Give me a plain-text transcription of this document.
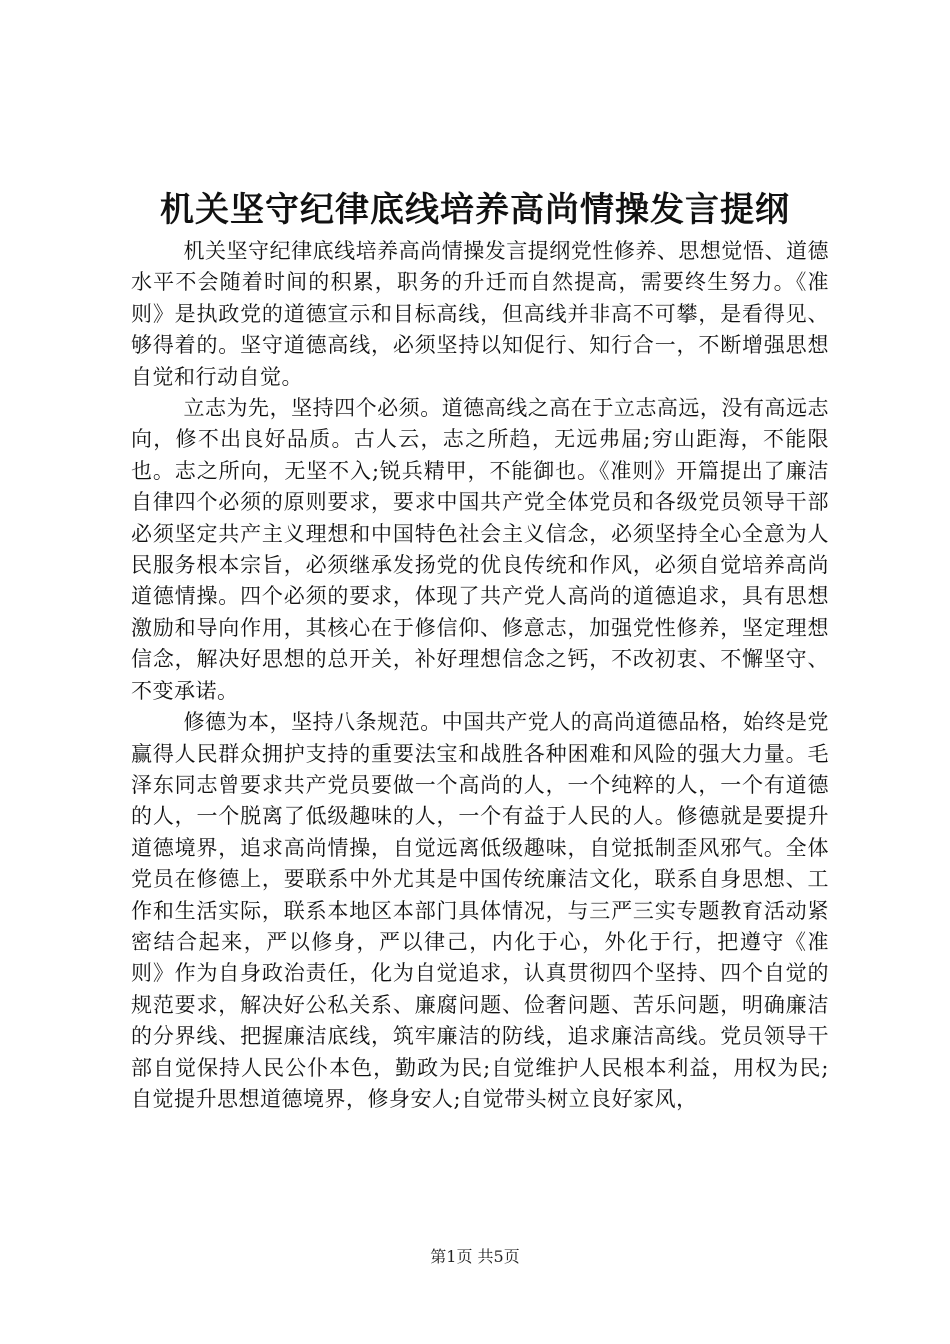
机关坚守纪律底线培养高尚情操发言提纲

机关坚守纪律底线培养高尚情操发言提纲党性修养、思想觉悟、道德水平不会随着时间的积累，职务的升迁而自然提高，需要终生努力。《准则》是执政党的道德宣示和目标高线，但高线并非高不可攀，是看得见、够得着的。坚守道德高线，必须坚持以知促行、知行合一，不断增强思想自觉和行动自觉。

立志为先，坚持四个必须。道德高线之高在于立志高远，没有高远志向，修不出良好品质。古人云，志之所趋，无远弗届;穷山距海，不能限也。志之所向，无坚不入;锐兵精甲，不能御也。《准则》开篇提出了廉洁自律四个必须的原则要求，要求中国共产党全体党员和各级党员领导干部必须坚定共产主义理想和中国特色社会主义信念，必须坚持全心全意为人民服务根本宗旨，必须继承发扬党的优良传统和作风，必须自觉培养高尚道德情操。四个必须的要求，体现了共产党人高尚的道德追求，具有思想激励和导向作用，其核心在于修信仰、修意志，加强党性修养，坚定理想信念，解决好思想的总开关，补好理想信念之钙，不改初衷、不懈坚守、不变承诺。

修德为本，坚持八条规范。中国共产党人的高尚道德品格，始终是党赢得人民群众拥护支持的重要法宝和战胜各种困难和风险的强大力量。毛泽东同志曾要求共产党员要做一个高尚的人，一个纯粹的人，一个有道德的人，一个脱离了低级趣味的人，一个有益于人民的人。修德就是要提升道德境界，追求高尚情操，自觉远离低级趣味，自觉抵制歪风邪气。全体党员在修德上，要联系中外尤其是中国传统廉洁文化，联系自身思想、工作和生活实际，联系本地区本部门具体情况，与三严三实专题教育活动紧密结合起来，严以修身，严以律己，内化于心，外化于行，把遵守《准则》作为自身政治责任，化为自觉追求，认真贯彻四个坚持、四个自觉的规范要求，解决好公私关系、廉腐问题、俭奢问题、苦乐问题，明确廉洁的分界线、把握廉洁底线，筑牢廉洁的防线，追求廉洁高线。党员领导干部自觉保持人民公仆本色，勤政为民;自觉维护人民根本利益，用权为民;自觉提升思想道德境界，修身安人;自觉带头树立良好家风，

第1页 共5页
